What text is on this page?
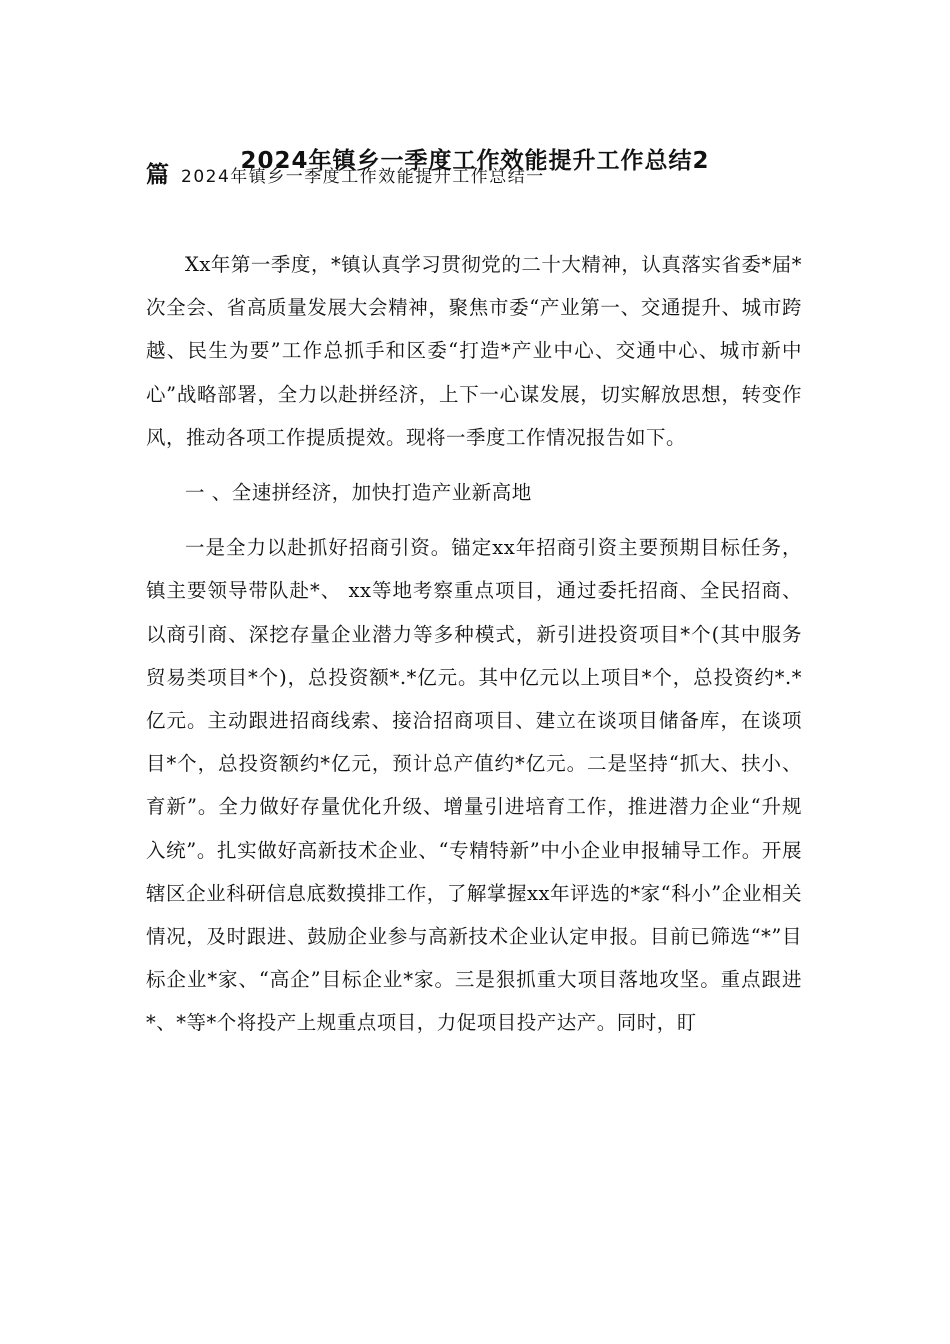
2024年镇乡一季度工作效能提升工作总结2
篇 2024年镇乡一季度工作效能提升工作总结一

Xx年第一季度，*镇认真学习贯彻党的二十大精神，认真落实省委*届*次全会、省高质量发展大会精神，聚焦市委“产业第一、交通提升、城市跨越、民生为要”工作总抓手和区委“打造*产业中心、交通中心、城市新中心”战略部署，全力以赴拼经济，上下一心谋发展，切实解放思想，转变作风，推动各项工作提质提效。现将一季度工作情况报告如下。

一 、全速拼经济，加快打造产业新高地

一是全力以赴抓好招商引资。锚定xx年招商引资主要预期目标任务，镇主要领导带队赴*、 xx等地考察重点项目，通过委托招商、全民招商、以商引商、深挖存量企业潜力等多种模式，新引进投资项目*个(其中服务贸易类项目*个)，总投资额*.*亿元。其中亿元以上项目*个，总投资约*.*亿元。主动跟进招商线索、接洽招商项目、建立在谈项目储备库，在谈项目*个，总投资额约*亿元，预计总产值约*亿元。二是坚持“抓大、扶小、育新”。全力做好存量优化升级、增量引进培育工作，推进潜力企业“升规入统”。扎实做好高新技术企业、“专精特新”中小企业申报辅导工作。开展辖区企业科研信息底数摸排工作，了解掌握xx年评选的*家“科小”企业相关情况，及时跟进、鼓励企业参与高新技术企业认定申报。目前已筛选“*”目标企业*家、“高企”目标企业*家。三是狠抓重大项目落地攻坚。重点跟进*、*等*个将投产上规重点项目，力促项目投产达产。同时，盯
